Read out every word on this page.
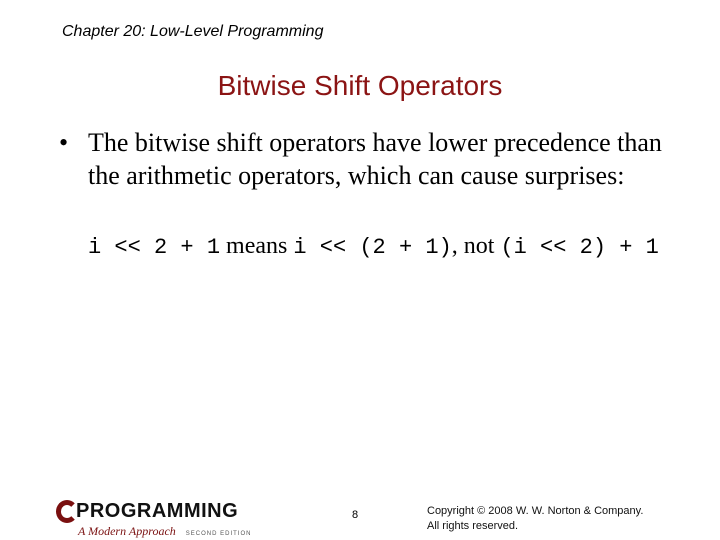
Chapter 20: Low-Level Programming
Bitwise Shift Operators
• The bitwise shift operators have lower precedence than the arithmetic operators, which can cause surprises:
i << 2 + 1 means i << (2 + 1), not (i << 2) + 1
PROGRAMMING
A Modern Approach SECOND EDITION
8	Copyright © 2008 W. W. Norton & Company.
All rights reserved.
